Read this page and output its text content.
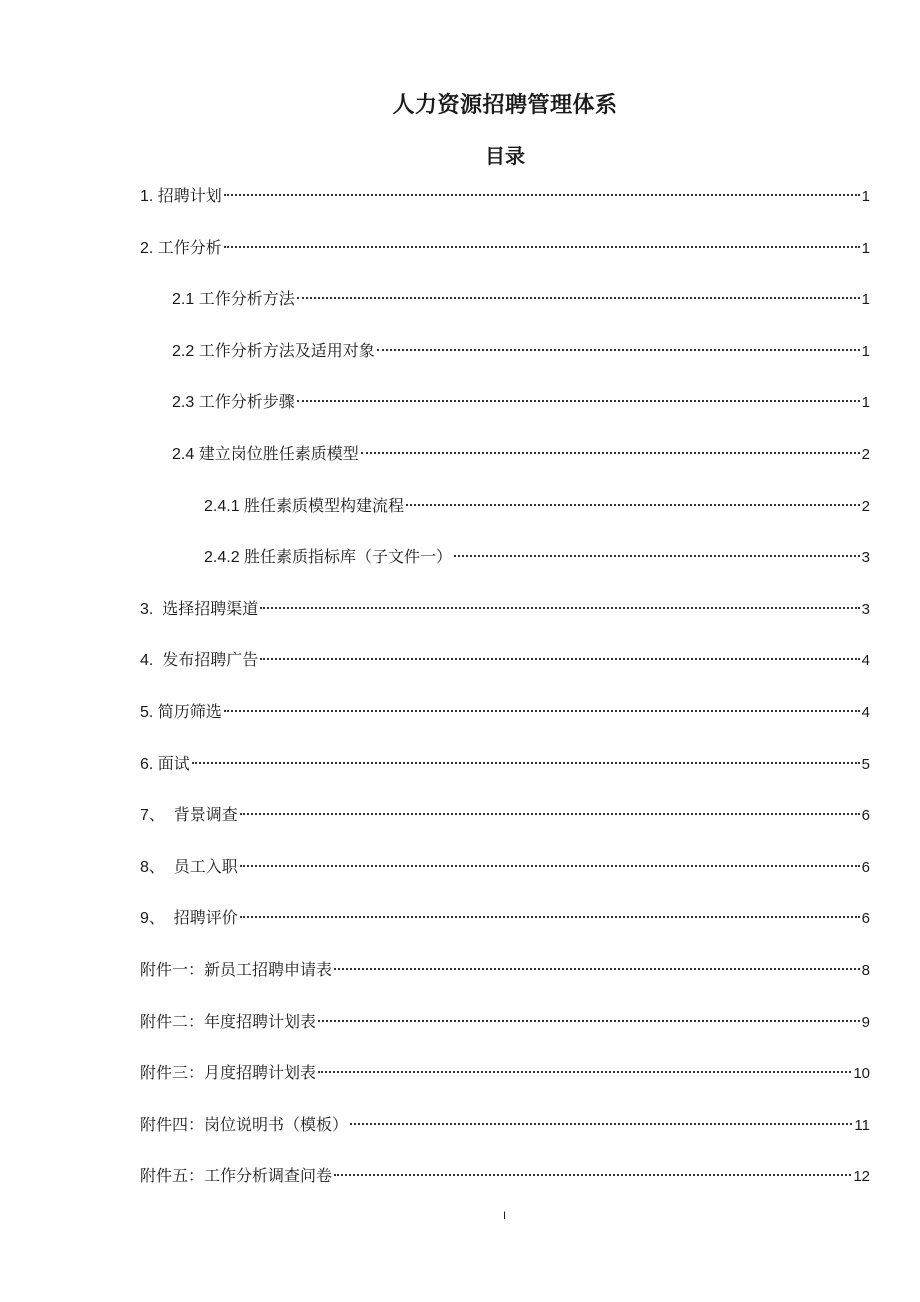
人力资源招聘管理体系
目录
1. 招聘计划	1
2. 工作分析	1
2.1 工作分析方法	1
2.2 工作分析方法及适用对象	1
2.3 工作分析步骤	1
2.4 建立岗位胜任素质模型	2
2.4.1 胜任素质模型构建流程	2
2.4.2 胜任素质指标库（子文件一）	3
3. 选择招聘渠道	3
4. 发布招聘广告	4
5. 简历筛选	4
6. 面试	5
7、 背景调查	6
8、 员工入职	6
9、 招聘评价	6
附件一：新员工招聘申请表	8
附件二：年度招聘计划表	9
附件三：月度招聘计划表	10
附件四：岗位说明书（模板）	11
附件五：工作分析调查问卷	12
I
